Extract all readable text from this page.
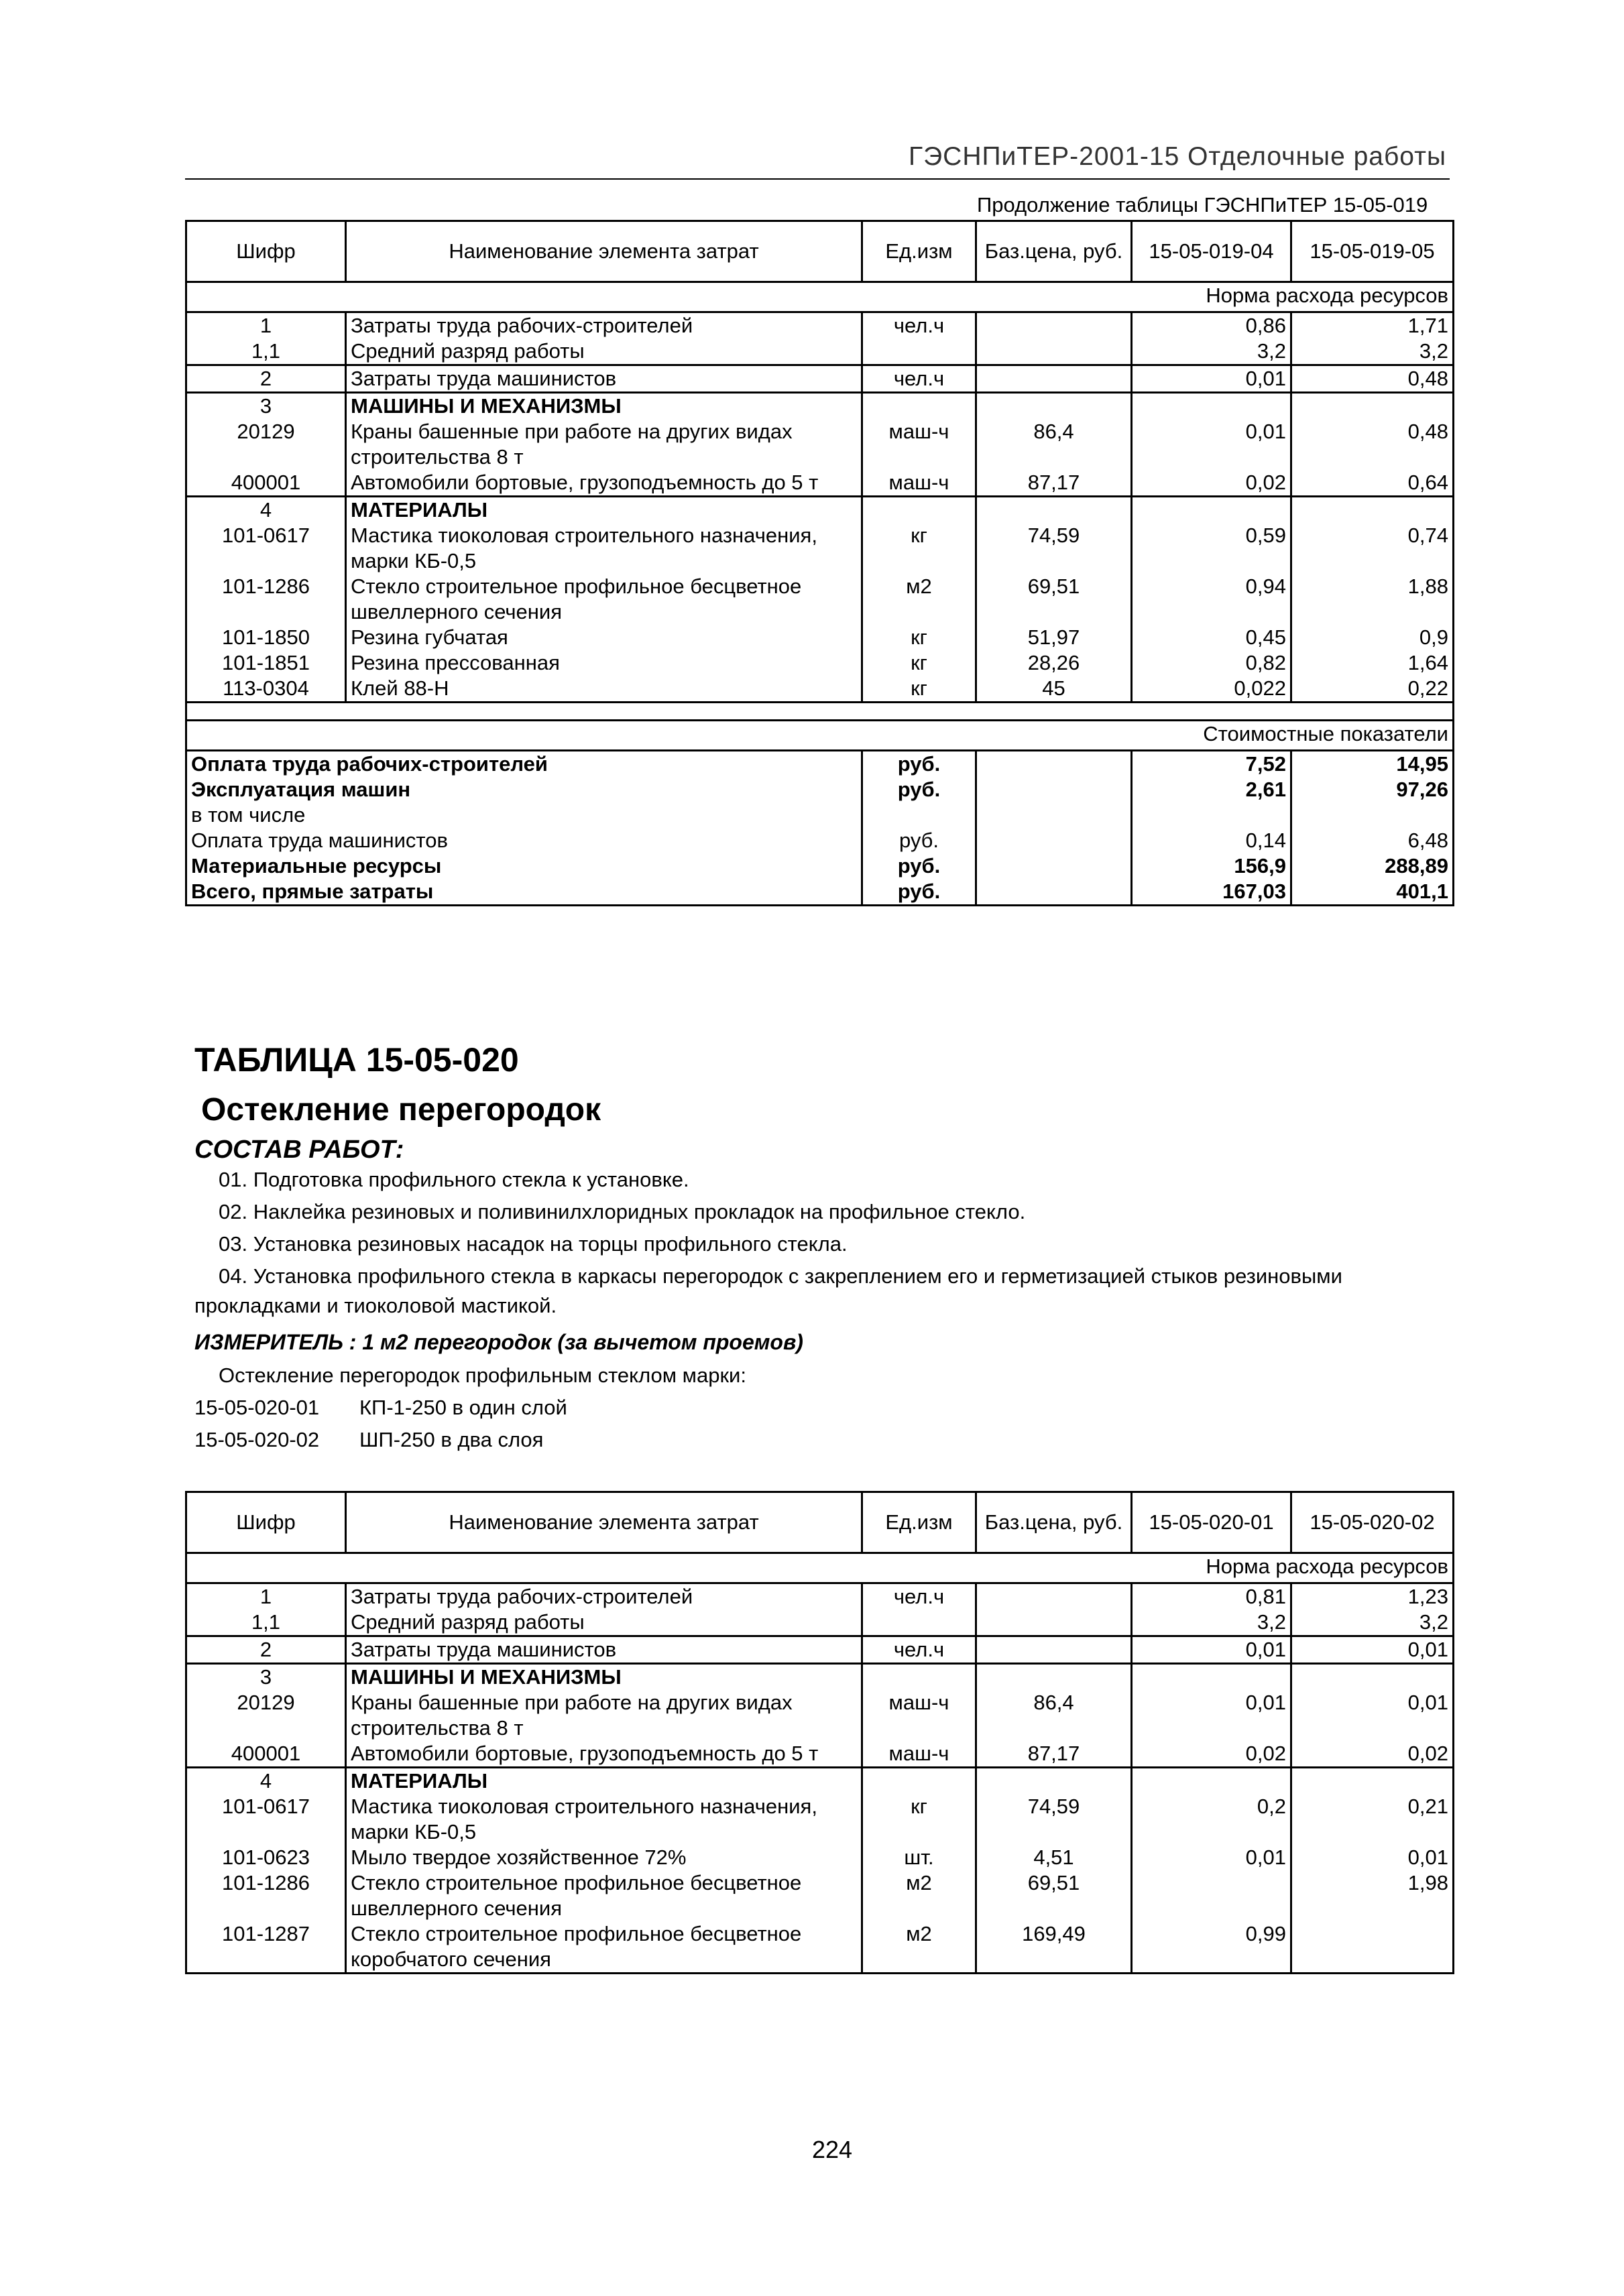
ГЭСНПиТЕР-2001-15 Отделочные работы
Продолжение таблицы ГЭСНПиТЕР 15-05-019
Шифр	Наименование элемента затрат	Ед.изм	Баз.цена, руб.	15-05-019-04	15-05-019-05
Норма расхода ресурсов					
1	Затраты труда рабочих-строителей	чел.ч		0,86	1,71
1,1	Средний разряд работы			3,2	3,2
2	Затраты труда машинистов	чел.ч		0,01	0,48
3	МАШИНЫ И МЕХАНИЗМЫ				
20129	Краны башенные при работе на других видах строительства 8 т	маш-ч	86,4	0,01	0,48
400001	Автомобили бортовые, грузоподъемность до 5 т	маш-ч	87,17	0,02	0,64
4	МАТЕРИАЛЫ				
101-0617	Мастика тиоколовая строительного назначения, марки КБ-0,5	кг	74,59	0,59	0,74
101-1286	Стекло строительное профильное бесцветное швеллерного сечения	м2	69,51	0,94	1,88
101-1850	Резина губчатая	кг	51,97	0,45	0,9
101-1851	Резина прессованная	кг	28,26	0,82	1,64
113-0304	Клей 88-Н	кг	45	0,022	0,22

Стоимостные показатели					
Оплата труда рабочих-строителей		руб.		7,52	14,95
Эксплуатация машин		руб.		2,61	97,26
в том числе					
Оплата труда машинистов		руб.		0,14	6,48
Материальные ресурсы		руб.		156,9	288,89
Всего, прямые затраты		руб.		167,03	401,1
ТАБЛИЦА 15-05-020
Остекление перегородок
СОСТАВ РАБОТ:
01. Подготовка профильного стекла к установке.
02. Наклейка резиновых и поливинилхлоридных прокладок на профильное стекло.
03. Установка резиновых насадок на торцы профильного стекла.
04. Установка профильного стекла в каркасы перегородок с закреплением его и герметизацией стыков резиновыми прокладками и тиоколовой мастикой.
ИЗМЕРИТЕЛЬ : 1 м2 перегородок (за вычетом проемов)
Остекление перегородок профильным стеклом марки:
15-05-020-01 КП-1-250 в один слой
15-05-020-02 ШП-250 в два слоя
Шифр	Наименование элемента затрат	Ед.изм	Баз.цена, руб.	15-05-020-01	15-05-020-02
Норма расхода ресурсов					
1	Затраты труда рабочих-строителей	чел.ч		0,81	1,23
1,1	Средний разряд работы			3,2	3,2
2	Затраты труда машинистов	чел.ч		0,01	0,01
3	МАШИНЫ И МЕХАНИЗМЫ				
20129	Краны башенные при работе на других видах строительства 8 т	маш-ч	86,4	0,01	0,01
400001	Автомобили бортовые, грузоподъемность до 5 т	маш-ч	87,17	0,02	0,02
4	МАТЕРИАЛЫ				
101-0617	Мастика тиоколовая строительного назначения, марки КБ-0,5	кг	74,59	0,2	0,21
101-0623	Мыло твердое хозяйственное 72%	шт.	4,51	0,01	0,01
101-1286	Стекло строительное профильное бесцветное швеллерного сечения	м2	69,51		1,98
101-1287	Стекло строительное профильное бесцветное коробчатого сечения	м2	169,49	0,99	
224
